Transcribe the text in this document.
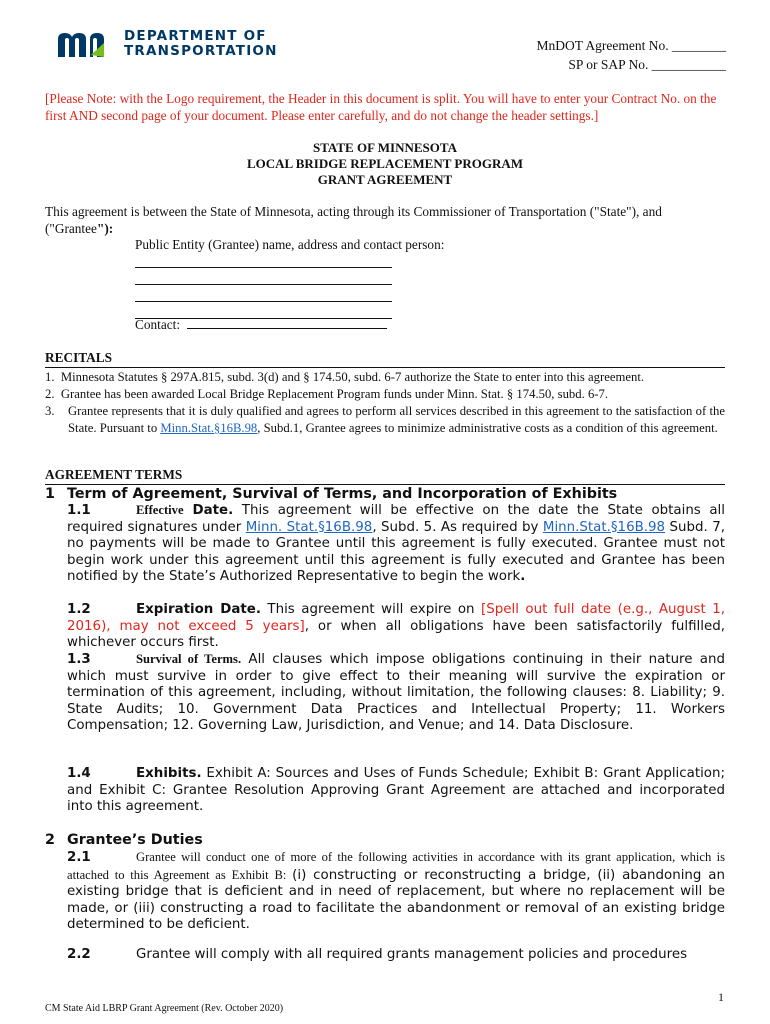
DEPARTMENT OF
TRANSPORTATION	MnDOT Agreement No. ________
SP or SAP No. ___________
[Please Note: with the Logo requirement, the Header in this document is split. You will have to enter your Contract No. on the first AND second page of your document. Please enter carefully, and do not change the header settings.]
STATE OF MINNESOTA
LOCAL BRIDGE REPLACEMENT PROGRAM
GRANT AGREEMENT
This agreement is between the State of Minnesota, acting through its Commissioner of Transportation ("State"), and
("Grantee"):
Public Entity (Grantee) name, address and contact person:
Contact:
RECITALS
1. Minnesota Statutes § 297A.815, subd. 3(d) and § 174.50, subd. 6-7 authorize the State to enter into this agreement.
2. Grantee has been awarded Local Bridge Replacement Program funds under Minn. Stat. § 174.50, subd. 6-7.
3.	Grantee represents that it is duly qualified and agrees to perform all services described in this agreement to the satisfaction of the State. Pursuant to Minn.Stat.§16B.98, Subd.1, Grantee agrees to minimize administrative costs as a condition of this agreement.
AGREEMENT TERMS
1 Term of Agreement, Survival of Terms, and Incorporation of Exhibits
1.1	Effective Date. This agreement will be effective on the date the State obtains all required signatures under Minn. Stat.§16B.98, Subd. 5. As required by Minn.Stat.§16B.98 Subd. 7, no payments will be made to Grantee until this agreement is fully executed. Grantee must not begin work under this agreement until this agreement is fully executed and Grantee has been notified by the State’s Authorized Representative to begin the work.
1.2	Expiration Date. This agreement will expire on [Spell out full date (e.g., August 1, 2016), may not exceed 5 years], or when all obligations have been satisfactorily fulfilled, whichever occurs first.
1.3	Survival of Terms. All clauses which impose obligations continuing in their nature and which must survive in order to give effect to their meaning will survive the expiration or termination of this agreement, including, without limitation, the following clauses: 8. Liability; 9. State Audits; 10. Government Data Practices and Intellectual Property; 11. Workers Compensation; 12. Governing Law, Jurisdiction, and Venue; and 14. Data Disclosure.
1.4	Exhibits. Exhibit A: Sources and Uses of Funds Schedule; Exhibit B: Grant Application; and Exhibit C: Grantee Resolution Approving Grant Agreement are attached and incorporated into this agreement.
2 Grantee’s Duties
2.1	Grantee will conduct one of more of the following activities in accordance with its grant application, which is attached to this Agreement as Exhibit B: (i) constructing or reconstructing a bridge, (ii) abandoning an existing bridge that is deficient and in need of replacement, but where no replacement will be made, or (iii) constructing a road to facilitate the abandonment or removal of an existing bridge determined to be deficient.
2.2	Grantee will comply with all required grants management policies and procedures
1
CM State Aid LBRP Grant Agreement (Rev. October 2020)
